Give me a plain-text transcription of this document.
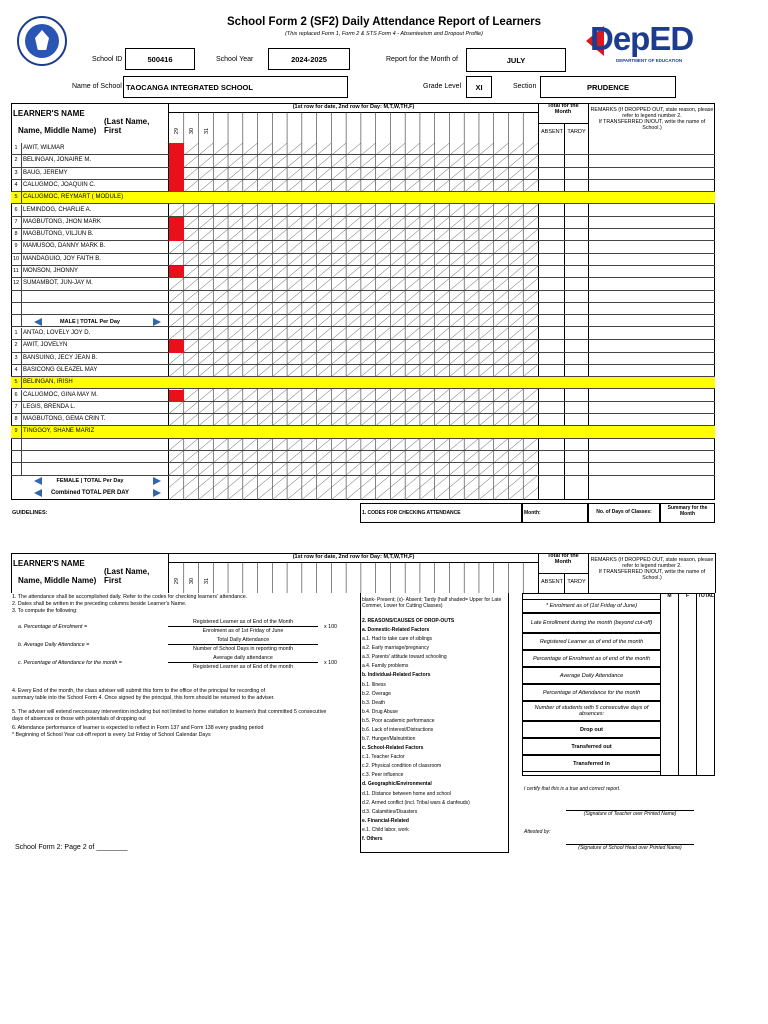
School Form 2 (SF2) Daily Attendance Report of Learners
(This replaced Form 1, Form 2 & STS Form 4 - Absenteeism and Dropout Profile)	DepED
DEPARTMENT OF EDUCATION
School ID	500416	School Year	2024-2025	Report for the Month of	JULY
Name of School TAOCANGA INTEGRATED SCHOOL	Grade Level	XI	Section	PRUDENCE
LEARNER'S NAME
(Last Name, First
Name, Middle Name)
(1st row for date, 2nd row for Day: M,T,W,TH,F)	Total for the Month
ABSENT TARDY
REMARKS (If DROPPED OUT, state reason, please refer to legend number 2.
If TRANSFERRED IN/OUT, write the name of School.)
29 30 31
1 AWIT, WILMAR
2 BELINGAN, JONAIRE M.
3 BAUG, JEREMY
4 CALUGMOC, JOAQUIN C.
5 CALUGMOC, REYMART ( MODULE)
6 LEMINDOG, CHARLIE A.
7 MAGBUTONG, JHON MARK
8 MAGBUTONG, VILJUN B.
9 MAMUSOG, DANNY MARK B.
10 MANDAGUIO, JOY FAITH B.
11 MONSON, JHONNY
12 SUMAMBOT, JUN-JAY M.
1 ANTAO, LOVELY JOY D.
2 AWIT, JOVELYN
3 BANSUING, JECY JEAN B.
4 BASICONG GLEAZEL MAY
5 BELINGAN, IRISH
6 CALUGMOC, GINA MAY M.
7 LEGIS, BRENDA L.
8 MAGBUTONG, GEMA CRIN T.
9 TINGGOY, SHANE MARIZ
MALE | TOTAL Per Day
FEMALE | TOTAL Per Day
Combined TOTAL PER DAY
GUIDELINES:	1. CODES FOR CHECKING ATTENDANCE	Month:	No. of Days of Classes:
Summary for the Month
LEARNER'S NAME
(Last Name, First
Name, Middle Name)
(1st row for date, 2nd row for Day: M,T,W,TH,F)	Total for the Month
ABSENT TARDY
REMARKS (If DROPPED OUT, state reason, please refer to legend number 2.
If TRANSFERRED IN/OUT, write the name of School.)
29 30 31
1. The attendance shall be accomplished daily. Refer to the codes for checking learners' attendance.
2. Dates shall be written in the preceding columns beside Learner's Name.
3. To compute the following:
a. Percentage of Enrolment =
Registered Learner as of End of the Month
Enrolment as of 1st Friday of June
x 100
b. Average Daily Attendance =
Total Daily Attendance
Number of School Days in reporting month
c. Percentage of Attendance for the month =
Average daily attendance
Registered Learner as of End of the month
x 100
4. Every End of the month, the class adviser will submit this form to the office of the principal for recording of
summary table into the School Form 4. Once signed by the principal, this form should be returned to the adviser.
5. The adviser will extend neccessary intervention including but not limited to home visitation to learner/s that committed 5 consecutive
days of absences or those with potentials of dropping out
6. Attendance performance of learner is expected to reflect in Form 137 and Form 138 every grading period
* Beginning of School Year cut-off report is every 1st Friday of School Calendar Days
School Form 2: Page 2 of ________
blank- Present; (x)- Absent; Tardy (half shaded= Upper for Late Commer, Lower for Cutting Classes)
2. REASONS/CAUSES OF DROP-OUTS
a. Domestic-Related Factors
a.1. Had to take care of siblings
a.2. Early marriage/pregnancy
a.3. Parents' attitude toward schooling
a.4. Family problems
b. Individual-Related Factors
b.1. Illness
b.2. Overage
b.3. Death
b.4. Drug Abuse
b.5. Poor academic performance
b.6. Lack of interest/Distractions
b.7. Hunger/Malnutrition
c. School-Related Factors
c.1. Teacher Factor
c.2. Physical condition of classroom
c.3. Peer influence
d. Geographic/Environmental
d.1. Distance between home and school
d.2. Armed conflict (incl. Tribal wars & clanfeuds)
d.3. Calamities/Disasters
e. Financial-Related
e.1. Child labor, work
f. Others
M	F	TOTAL
* Enrolment as of (1st Friday of June)
Late Enrollment during the month (beyond cut-off)
Registered Learner as of end of the month
Percentage of Enrolment as of end of the month
Average Daily Attendance
Percentage of Attendance for the month
Number of students with 5 consecutive days of absences:
Drop out
Transferred out
Transferred in
I certify that this is a true and correct report.
(Signature of Teacher over Printed Name)
Attested by:
(Signature of School Head over Printed Name)
